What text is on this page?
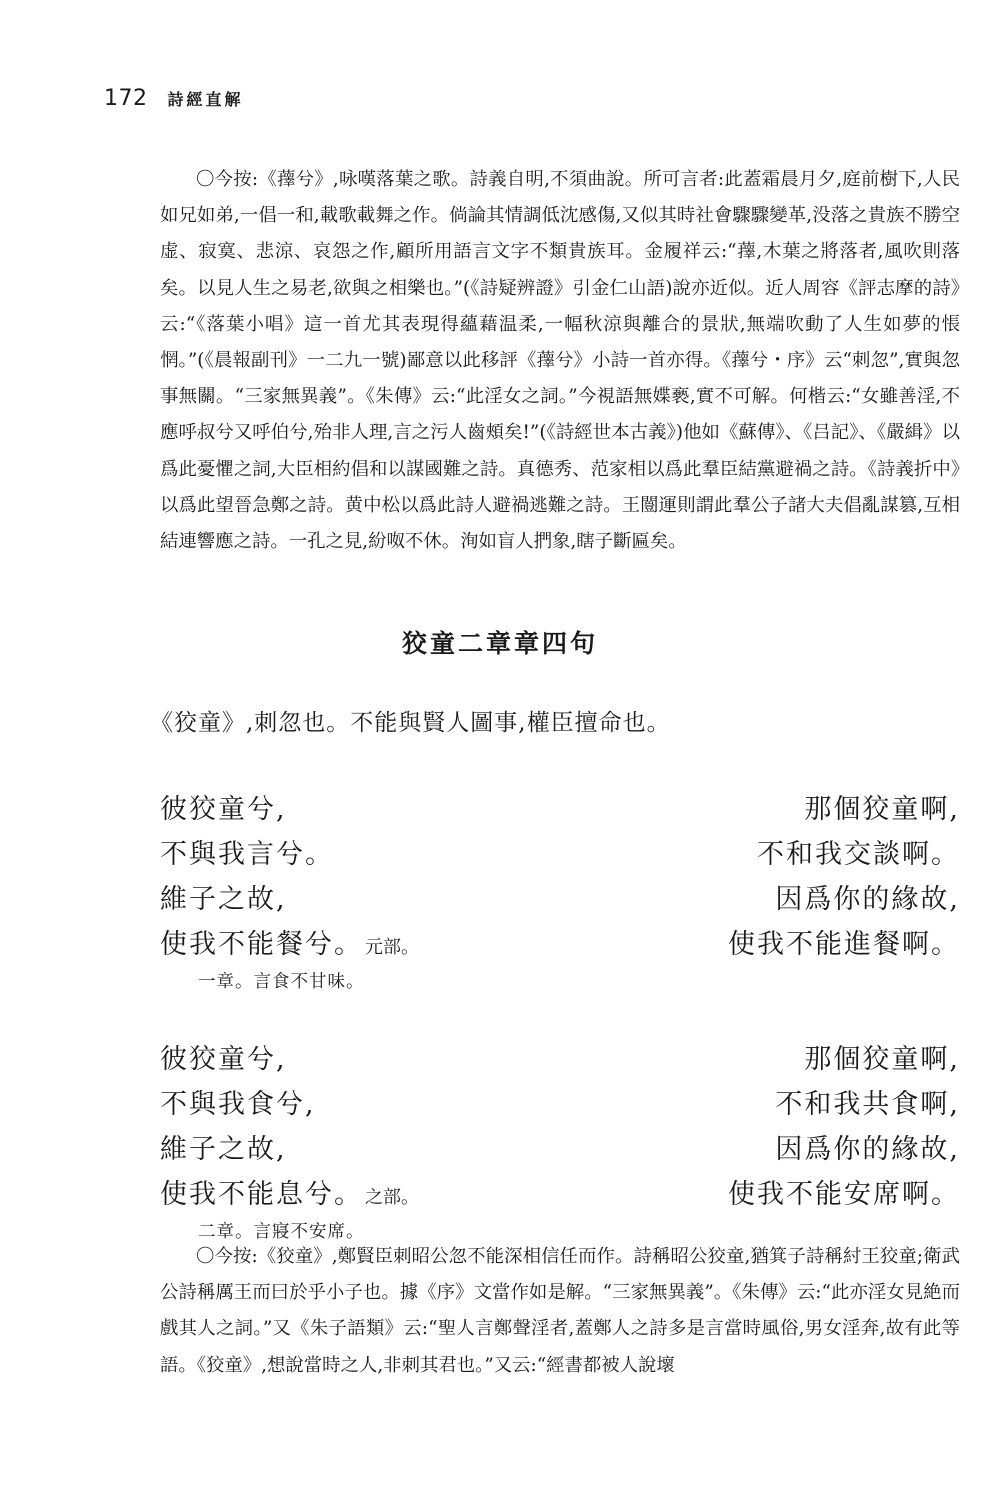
172 詩經直解

〇今按:《蘀兮》,咏嘆落葉之歌。詩義自明,不須曲說。所可言者:此蓋霜晨月夕,庭前樹下,人民如兄如弟,一倡一和,載歌載舞之作。倘論其情調低沈感傷,又似其時社會驟驟變革,没落之貴族不勝空虚、寂寞、悲涼、哀怨之作,顧所用語言文字不類貴族耳。金履祥云:“蘀,木葉之將落者,風吹則落矣。以見人生之易老,欲與之相樂也。”(《詩疑辨證》引金仁山語)說亦近似。近人周容《評志摩的詩》云:“《落葉小唱》這一首尤其表現得蘊藉温柔,一幅秋涼與離合的景狀,無端吹動了人生如夢的悵惘。”(《晨報副刊》一二九一號)鄙意以此移評《蘀兮》小詩一首亦得。《蘀兮・序》云“刺忽”,實與忽事無關。“三家無異義”。《朱傳》云:“此淫女之詞。”今視語無媟褻,實不可解。何楷云:“女雖善淫,不應呼叔兮又呼伯兮,殆非人理,言之污人齒頰矣!”(《詩經世本古義》)他如《蘇傳》、《吕記》、《嚴緝》以爲此憂懼之詞,大臣相約倡和以謀國難之詩。真德秀、范家相以爲此羣臣結黨避禍之詩。《詩義折中》以爲此望晉急鄭之詩。黄中松以爲此詩人避禍逃難之詩。王闓運則謂此羣公子諸大夫倡亂謀篡,互相結連響應之詩。一孔之見,紛呶不休。洵如盲人捫象,瞎子斷匾矣。

狡童二章章四句
《狡童》,刺忽也。不能與賢人圖事,權臣擅命也。
彼狡童兮,	那個狡童啊,
不與我言兮。	不和我交談啊。
維子之故,	因爲你的緣故,
使我不能餐兮。 元部。	使我不能進餐啊。
一章。言食不甘味。
彼狡童兮,	那個狡童啊,
不與我食兮,	不和我共食啊,
維子之故,	因爲你的緣故,
使我不能息兮。 之部。	使我不能安席啊。
二章。言寢不安席。

〇今按:《狡童》,鄭賢臣刺昭公忽不能深相信任而作。詩稱昭公狡童,猶箕子詩稱紂王狡童;衛武公詩稱厲王而曰於乎小子也。據《序》文當作如是解。“三家無異義”。《朱傳》云:“此亦淫女見絶而戲其人之詞。”又《朱子語類》云:“聖人言鄭聲淫者,蓋鄭人之詩多是言當時風俗,男女淫奔,故有此等語。《狡童》,想說當時之人,非刺其君也。”又云:“經書都被人說壞
